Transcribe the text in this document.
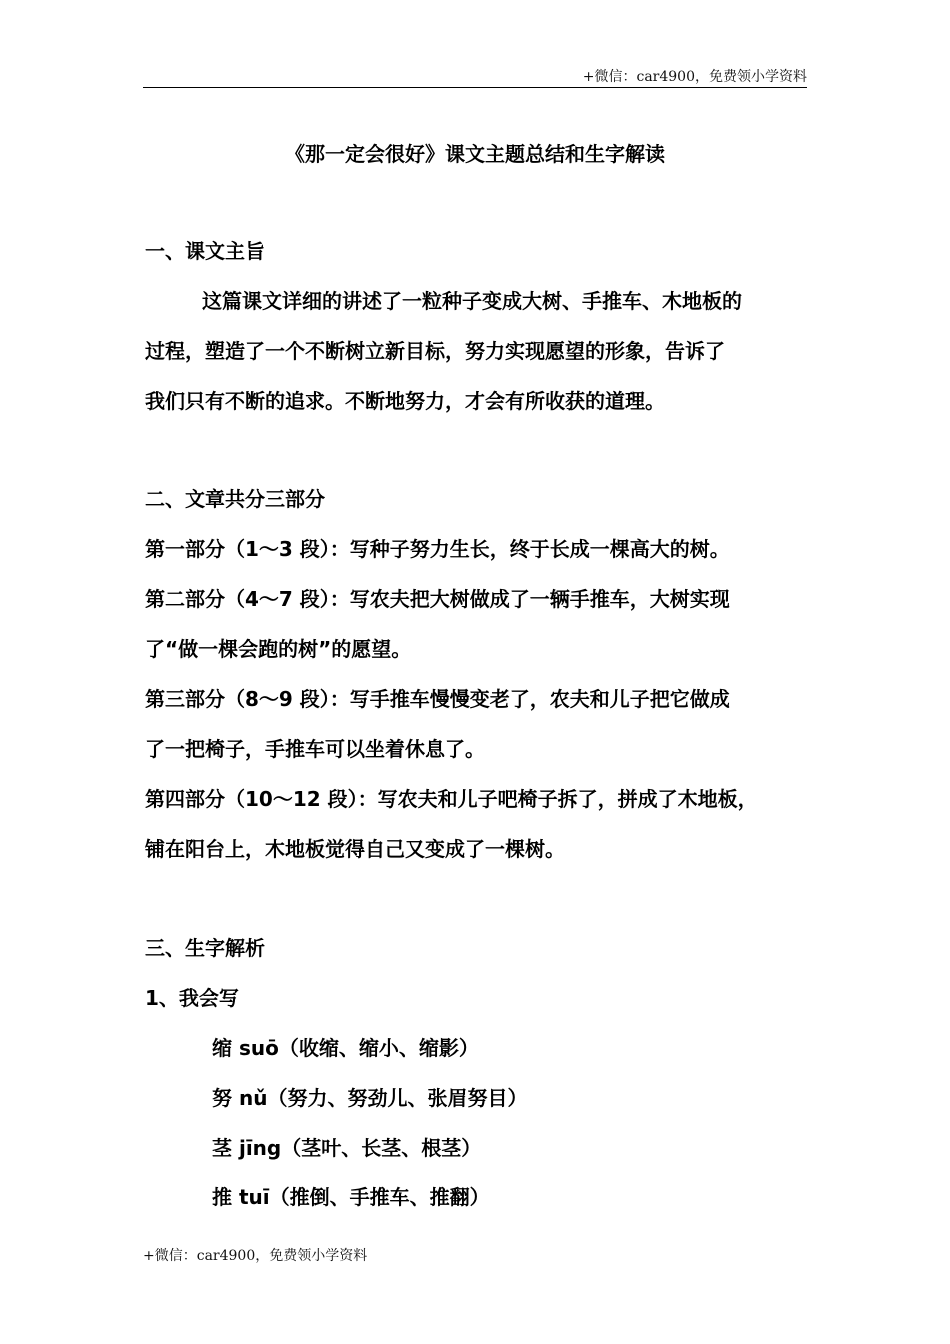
+微信：car4900，免费领小学资料
《那一定会很好》课文主题总结和生字解读
一、课文主旨
这篇课文详细的讲述了一粒种子变成大树、手推车、木地板的
过程，塑造了一个不断树立新目标，努力实现愿望的形象，告诉了
我们只有不断的追求。不断地努力，才会有所收获的道理。
二、文章共分三部分
第一部分（1～3 段）：写种子努力生长，终于长成一棵高大的树。
第二部分（4～7 段）：写农夫把大树做成了一辆手推车，大树实现
了“做一棵会跑的树”的愿望。
第三部分（8～9 段）：写手推车慢慢变老了，农夫和儿子把它做成
了一把椅子，手推车可以坐着休息了。
第四部分（10～12 段）：写农夫和儿子吧椅子拆了，拼成了木地板，
铺在阳台上，木地板觉得自己又变成了一棵树。
三、生字解析
1、我会写
缩 suō（收缩、缩小、缩影）
努 nǔ（努力、努劲儿、张眉努目）
茎 jīng（茎叶、长茎、根茎）
推 tuī（推倒、手推车、推翻）
+微信：car4900，免费领小学资料
